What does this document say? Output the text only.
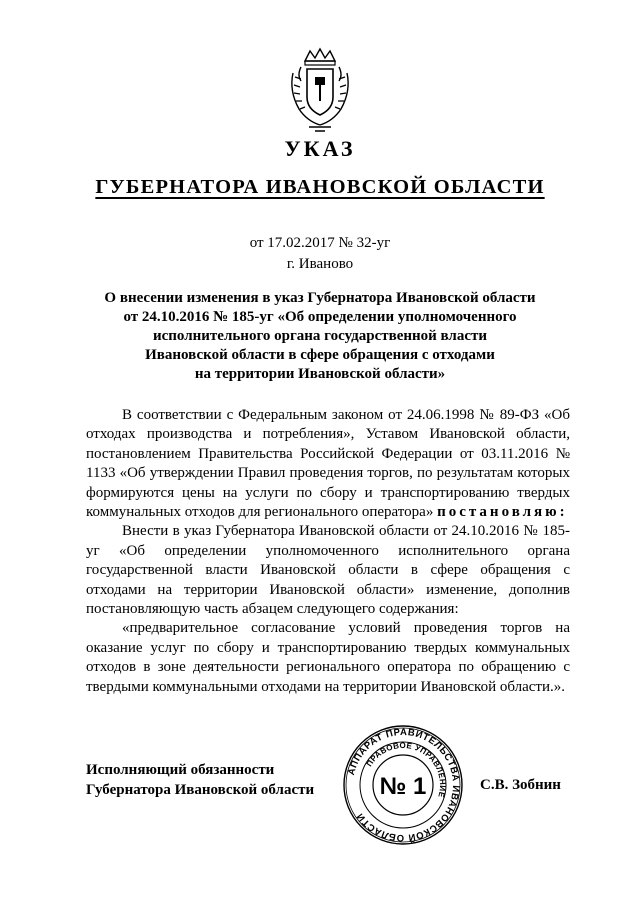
УКАЗ
ГУБЕРНАТОРА ИВАНОВСКОЙ ОБЛАСТИ
от 17.02.2017 № 32-уг
г. Иваново
О внесении изменения в указ Губернатора Ивановской области
от 24.10.2016 № 185-уг «Об определении уполномоченного
исполнительного органа государственной власти
Ивановской области в сфере обращения с отходами
на территории Ивановской области»

В соответствии с Федеральным законом от 24.06.1998 № 89-ФЗ «Об отходах производства и потребления», Уставом Ивановской области, постановлением Правительства Российской Федерации от 03.11.2016 № 1133 «Об утверждении Правил проведения торгов, по результатам которых формируются цены на услуги по сбору и транспортированию твердых коммунальных отходов для регионального оператора» постановляю:

Внести в указ Губернатора Ивановской области от 24.10.2016 № 185-уг «Об определении уполномоченного исполнительного органа государственной власти Ивановской области в сфере обращения с отходами на территории Ивановской области» изменение, дополнив постановляющую часть абзацем следующего содержания:

«предварительное согласование условий проведения торгов на оказание услуг по сбору и транспортированию твердых коммунальных отходов в зоне деятельности регионального оператора по обращению с твердыми коммунальными отходами на территории Ивановской области.».

Исполняющий обязанности
Губернатора Ивановской области
АППАРАТ ПРАВИТЕЛЬСТВА ИВАНОВСКОЙ ОБЛАСТИ
ПРАВОВОЕ УПРАВЛЕНИЕ
№ 1	С.В. Зобнин
